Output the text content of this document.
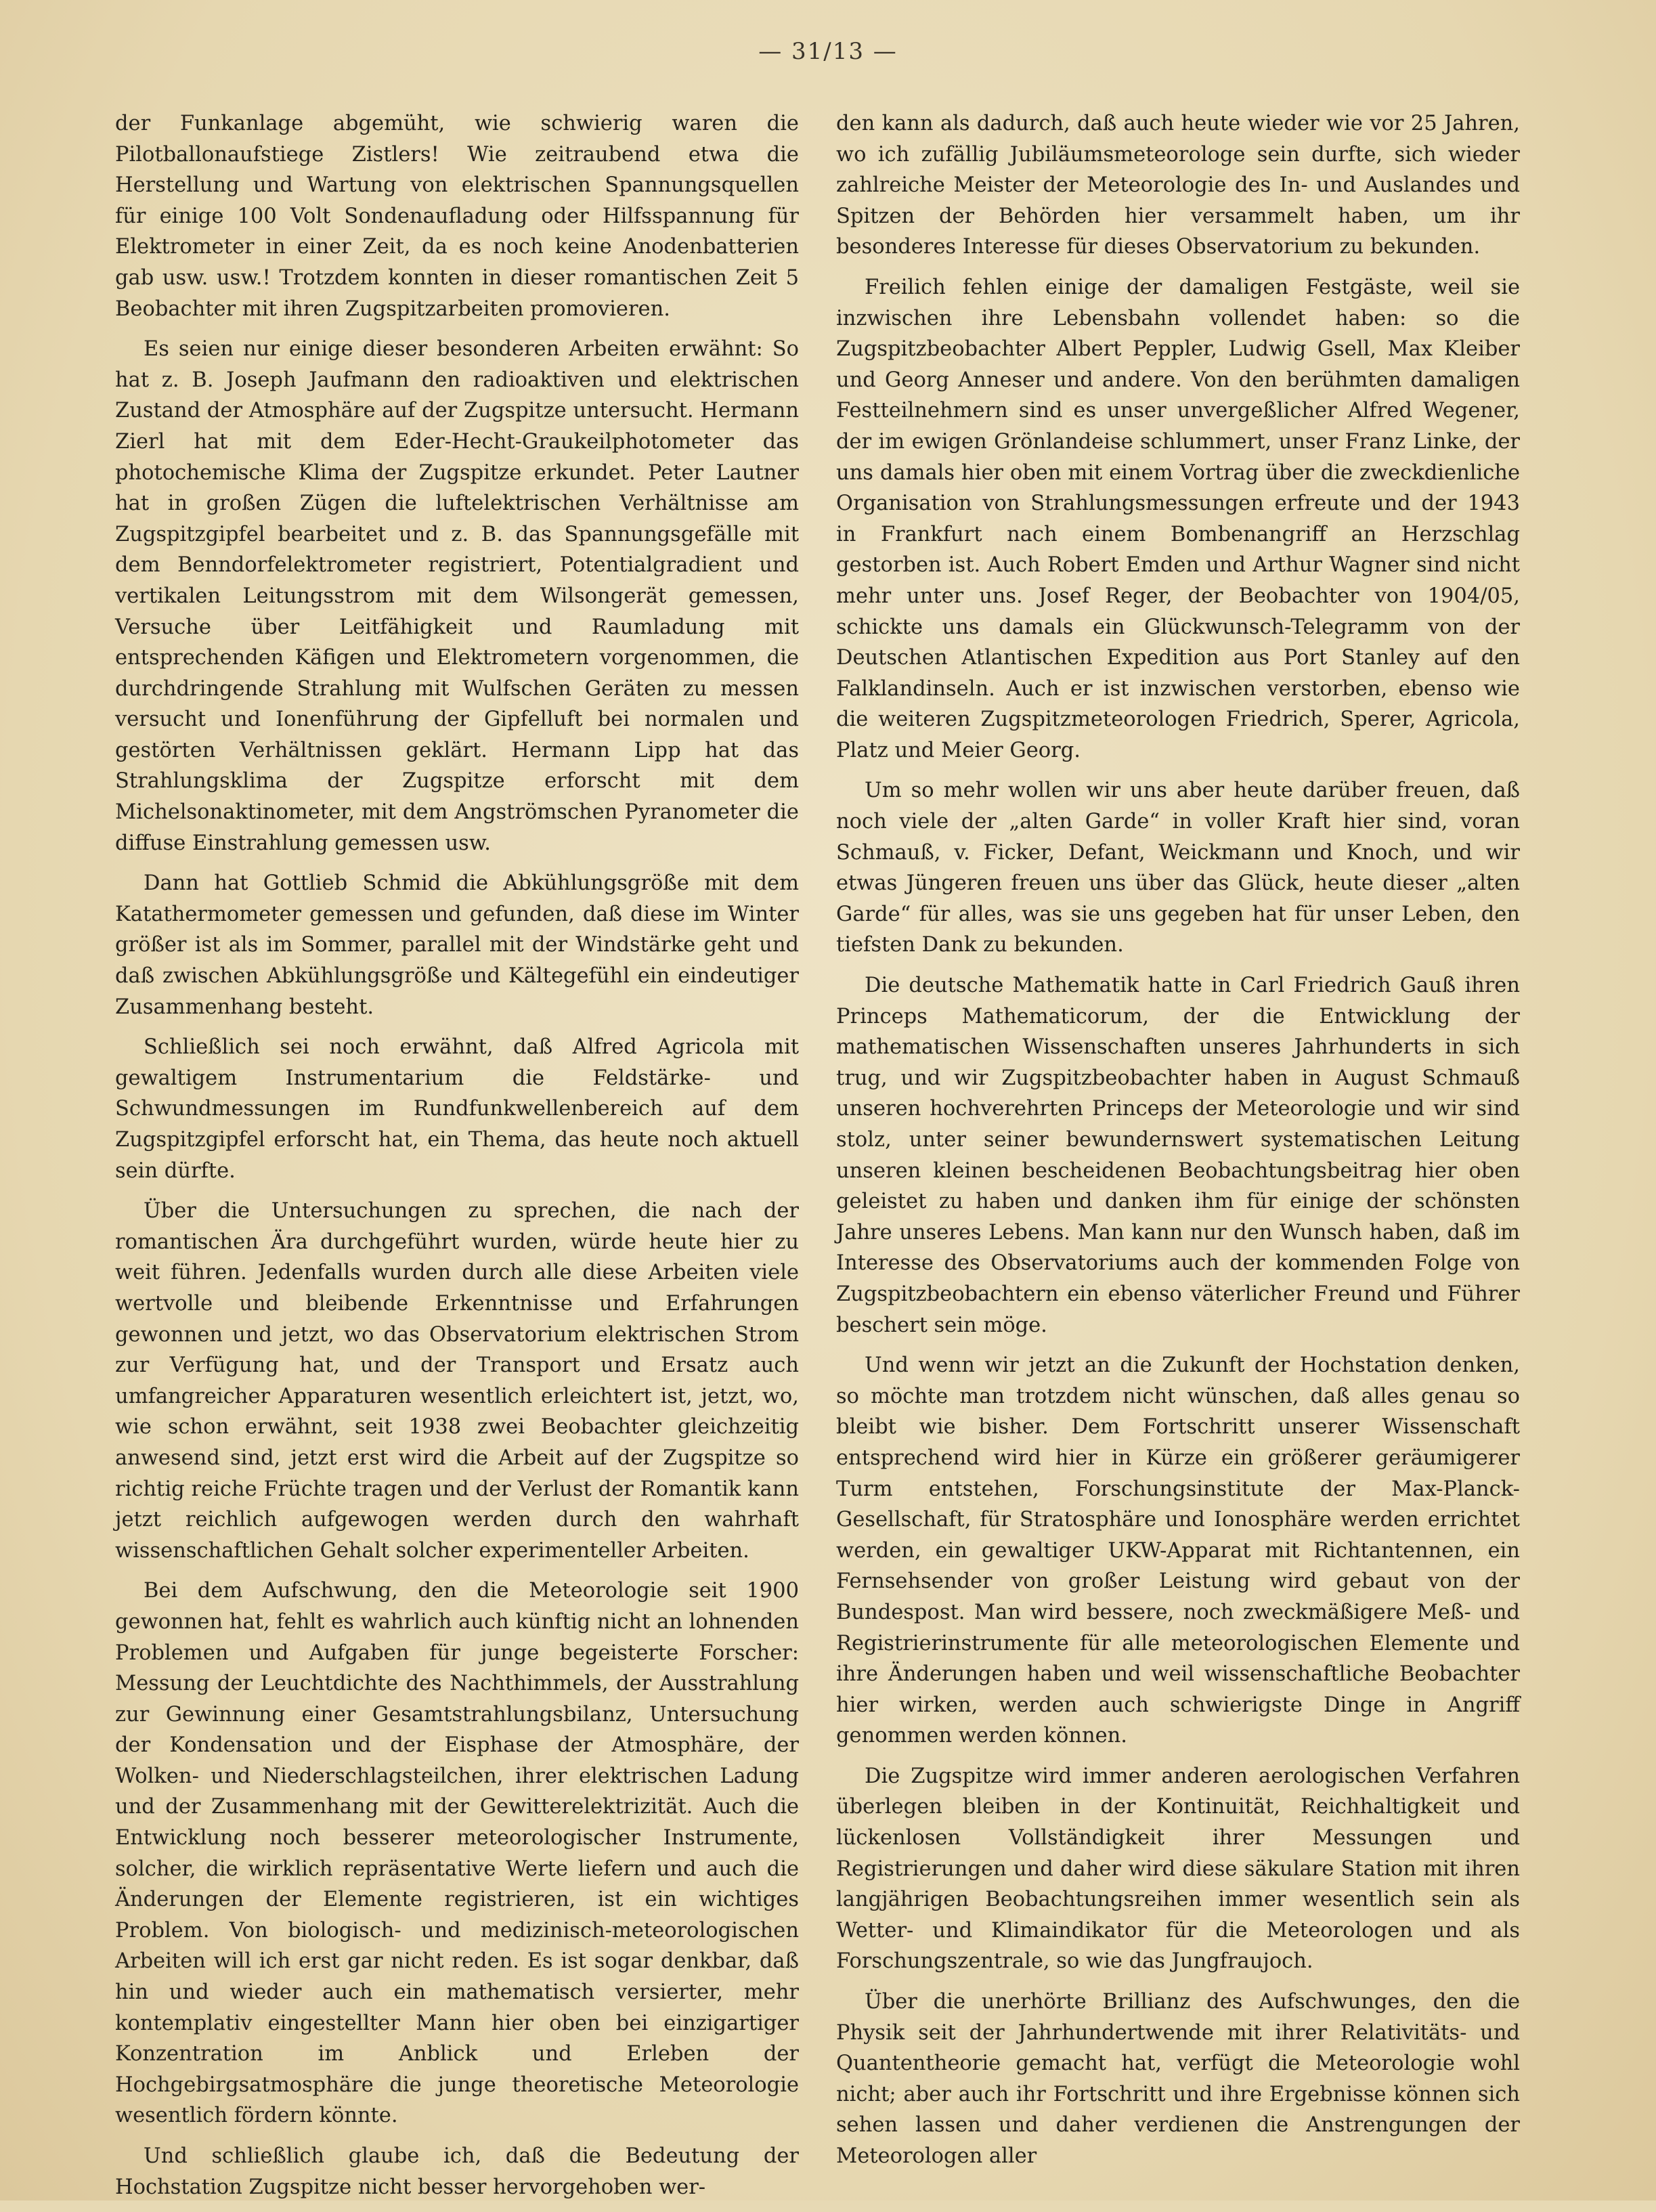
— 31/13 —

der Funkanlage abgemüht, wie schwierig waren die Pilotballonaufstiege Zistlers! Wie zeitraubend etwa die Herstellung und Wartung von elektrischen Spannungsquellen für einige 100 Volt Sondenaufladung oder Hilfsspannung für Elektrometer in einer Zeit, da es noch keine Anodenbatterien gab usw. usw.! Trotzdem konnten in dieser romantischen Zeit 5 Beobachter mit ihren Zugspitzarbeiten promovieren.

Es seien nur einige dieser besonderen Arbeiten erwähnt: So hat z. B. Joseph Jaufmann den radioaktiven und elektrischen Zustand der Atmosphäre auf der Zugspitze untersucht. Hermann Zierl hat mit dem Eder-Hecht-Graukeilphotometer das photochemische Klima der Zugspitze erkundet. Peter Lautner hat in großen Zügen die luftelektrischen Verhältnisse am Zugspitzgipfel bearbeitet und z. B. das Spannungsgefälle mit dem Benndorfelektrometer registriert, Potentialgradient und vertikalen Leitungsstrom mit dem Wilsongerät gemessen, Versuche über Leitfähigkeit und Raumladung mit entsprechenden Käfigen und Elektrometern vorgenommen, die durchdringende Strahlung mit Wulfschen Geräten zu messen versucht und Ionenführung der Gipfelluft bei normalen und gestörten Verhältnissen geklärt. Hermann Lipp hat das Strahlungsklima der Zugspitze erforscht mit dem Michelsonaktinometer, mit dem Angströmschen Pyranometer die diffuse Einstrahlung gemessen usw.

Dann hat Gottlieb Schmid die Abkühlungsgröße mit dem Katathermometer gemessen und gefunden, daß diese im Winter größer ist als im Sommer, parallel mit der Windstärke geht und daß zwischen Abkühlungsgröße und Kältegefühl ein eindeutiger Zusammenhang besteht.

Schließlich sei noch erwähnt, daß Alfred Agricola mit gewaltigem Instrumentarium die Feldstärke- und Schwundmessungen im Rundfunkwellenbereich auf dem Zugspitzgipfel erforscht hat, ein Thema, das heute noch aktuell sein dürfte.

Über die Untersuchungen zu sprechen, die nach der romantischen Ära durchgeführt wurden, würde heute hier zu weit führen. Jedenfalls wurden durch alle diese Arbeiten viele wertvolle und bleibende Erkenntnisse und Erfahrungen gewonnen und jetzt, wo das Observatorium elektrischen Strom zur Verfügung hat, und der Transport und Ersatz auch umfangreicher Apparaturen wesentlich erleichtert ist, jetzt, wo, wie schon erwähnt, seit 1938 zwei Beobachter gleichzeitig anwesend sind, jetzt erst wird die Arbeit auf der Zugspitze so richtig reiche Früchte tragen und der Verlust der Romantik kann jetzt reichlich aufgewogen werden durch den wahrhaft wissenschaftlichen Gehalt solcher experimenteller Arbeiten.

Bei dem Aufschwung, den die Meteorologie seit 1900 gewonnen hat, fehlt es wahrlich auch künftig nicht an lohnenden Problemen und Aufgaben für junge begeisterte Forscher: Messung der Leuchtdichte des Nachthimmels, der Ausstrahlung zur Gewinnung einer Gesamtstrahlungsbilanz, Untersuchung der Kondensation und der Eisphase der Atmosphäre, der Wolken- und Niederschlagsteilchen, ihrer elektrischen Ladung und der Zusammenhang mit der Gewitterelektrizität. Auch die Entwicklung noch besserer meteorologischer Instrumente, solcher, die wirklich repräsentative Werte liefern und auch die Änderungen der Elemente registrieren, ist ein wichtiges Problem. Von biologisch- und medizinisch-meteorologischen Arbeiten will ich erst gar nicht reden. Es ist sogar denkbar, daß hin und wieder auch ein mathematisch versierter, mehr kontemplativ eingestellter Mann hier oben bei einzigartiger Konzentration im Anblick und Erleben der Hochgebirgsatmosphäre die junge theoretische Meteorologie wesentlich fördern könnte.

Und schließlich glaube ich, daß die Bedeutung der Hochstation Zugspitze nicht besser hervorgehoben wer-

den kann als dadurch, daß auch heute wieder wie vor 25 Jahren, wo ich zufällig Jubiläumsmeteorologe sein durfte, sich wieder zahlreiche Meister der Meteorologie des In- und Auslandes und Spitzen der Behörden hier versammelt haben, um ihr besonderes Interesse für dieses Observatorium zu bekunden.

Freilich fehlen einige der damaligen Festgäste, weil sie inzwischen ihre Lebensbahn vollendet haben: so die Zugspitzbeobachter Albert Peppler, Ludwig Gsell, Max Kleiber und Georg Anneser und andere. Von den berühmten damaligen Festteilnehmern sind es unser unvergeßlicher Alfred Wegener, der im ewigen Grönlandeise schlummert, unser Franz Linke, der uns damals hier oben mit einem Vortrag über die zweckdienliche Organisation von Strahlungsmessungen erfreute und der 1943 in Frankfurt nach einem Bombenangriff an Herzschlag gestorben ist. Auch Robert Emden und Arthur Wagner sind nicht mehr unter uns. Josef Reger, der Beobachter von 1904/05, schickte uns damals ein Glückwunsch-Telegramm von der Deutschen Atlantischen Expedition aus Port Stanley auf den Falklandinseln. Auch er ist inzwischen verstorben, ebenso wie die weiteren Zugspitzmeteorologen Friedrich, Sperer, Agricola, Platz und Meier Georg.

Um so mehr wollen wir uns aber heute darüber freuen, daß noch viele der „alten Garde“ in voller Kraft hier sind, voran Schmauß, v. Ficker, Defant, Weickmann und Knoch, und wir etwas Jüngeren freuen uns über das Glück, heute dieser „alten Garde“ für alles, was sie uns gegeben hat für unser Leben, den tiefsten Dank zu bekunden.

Die deutsche Mathematik hatte in Carl Friedrich Gauß ihren Princeps Mathematicorum, der die Entwicklung der mathematischen Wissenschaften unseres Jahrhunderts in sich trug, und wir Zugspitzbeobachter haben in August Schmauß unseren hochverehrten Princeps der Meteorologie und wir sind stolz, unter seiner bewundernswert systematischen Leitung unseren kleinen bescheidenen Beobachtungsbeitrag hier oben geleistet zu haben und danken ihm für einige der schönsten Jahre unseres Lebens. Man kann nur den Wunsch haben, daß im Interesse des Observatoriums auch der kommenden Folge von Zugspitzbeobachtern ein ebenso väterlicher Freund und Führer beschert sein möge.

Und wenn wir jetzt an die Zukunft der Hochstation denken, so möchte man trotzdem nicht wünschen, daß alles genau so bleibt wie bisher. Dem Fortschritt unserer Wissenschaft entsprechend wird hier in Kürze ein größerer geräumigerer Turm entstehen, Forschungsinstitute der Max-Planck-Gesellschaft, für Stratosphäre und Ionosphäre werden errichtet werden, ein gewaltiger UKW-Apparat mit Richtantennen, ein Fernsehsender von großer Leistung wird gebaut von der Bundespost. Man wird bessere, noch zweckmäßigere Meß- und Registrierinstrumente für alle meteorologischen Elemente und ihre Änderungen haben und weil wissenschaftliche Beobachter hier wirken, werden auch schwierigste Dinge in Angriff genommen werden können.

Die Zugspitze wird immer anderen aerologischen Verfahren überlegen bleiben in der Kontinuität, Reichhaltigkeit und lückenlosen Vollständigkeit ihrer Messungen und Registrierungen und daher wird diese säkulare Station mit ihren langjährigen Beobachtungsreihen immer wesentlich sein als Wetter- und Klimaindikator für die Meteorologen und als Forschungszentrale, so wie das Jungfraujoch.

Über die unerhörte Brillianz des Aufschwunges, den die Physik seit der Jahrhundertwende mit ihrer Relativitäts- und Quantentheorie gemacht hat, verfügt die Meteorologie wohl nicht; aber auch ihr Fortschritt und ihre Ergebnisse können sich sehen lassen und daher verdienen die Anstrengungen der Meteorologen aller
